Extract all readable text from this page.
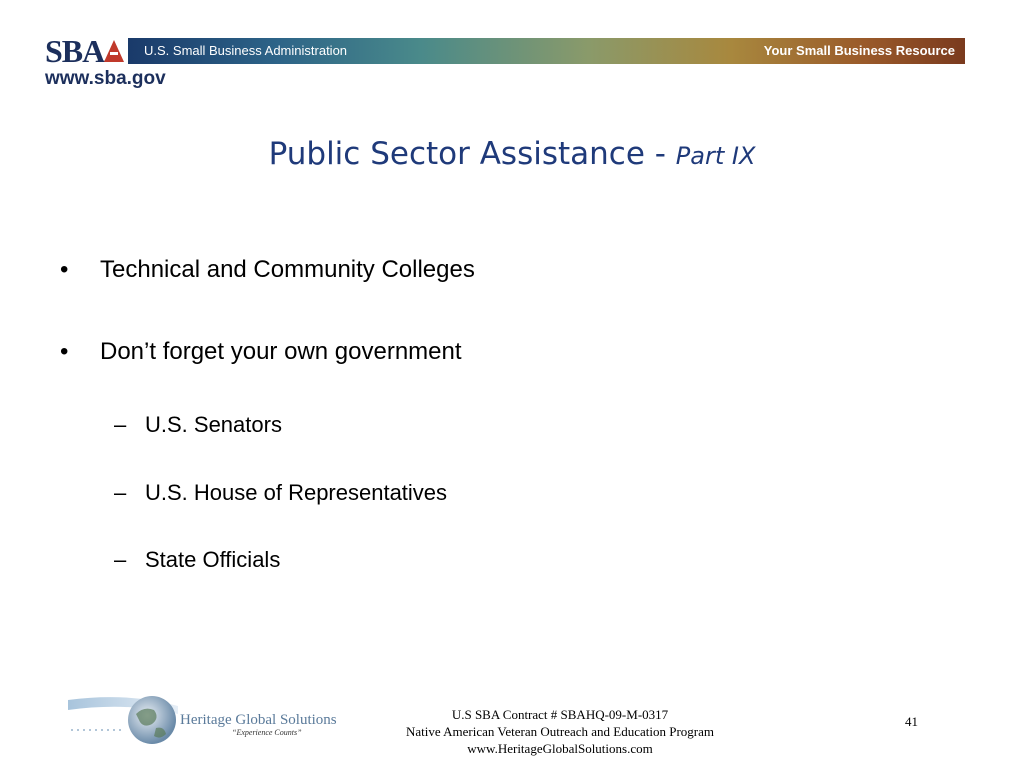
SBA	U.S. Small Business Administration	Your Small Business Resource
www.sba.gov
Public Sector Assistance - Part IX
• Technical and Community Colleges
• Don’t forget your own government
– U.S. Senators
– U.S. House of Representatives
– State Officials
Heritage Global Solutions
“Experience Counts”
U.S SBA Contract # SBAHQ-09-M-0317
Native American Veteran Outreach and Education Program
www.HeritageGlobalSolutions.com
41
